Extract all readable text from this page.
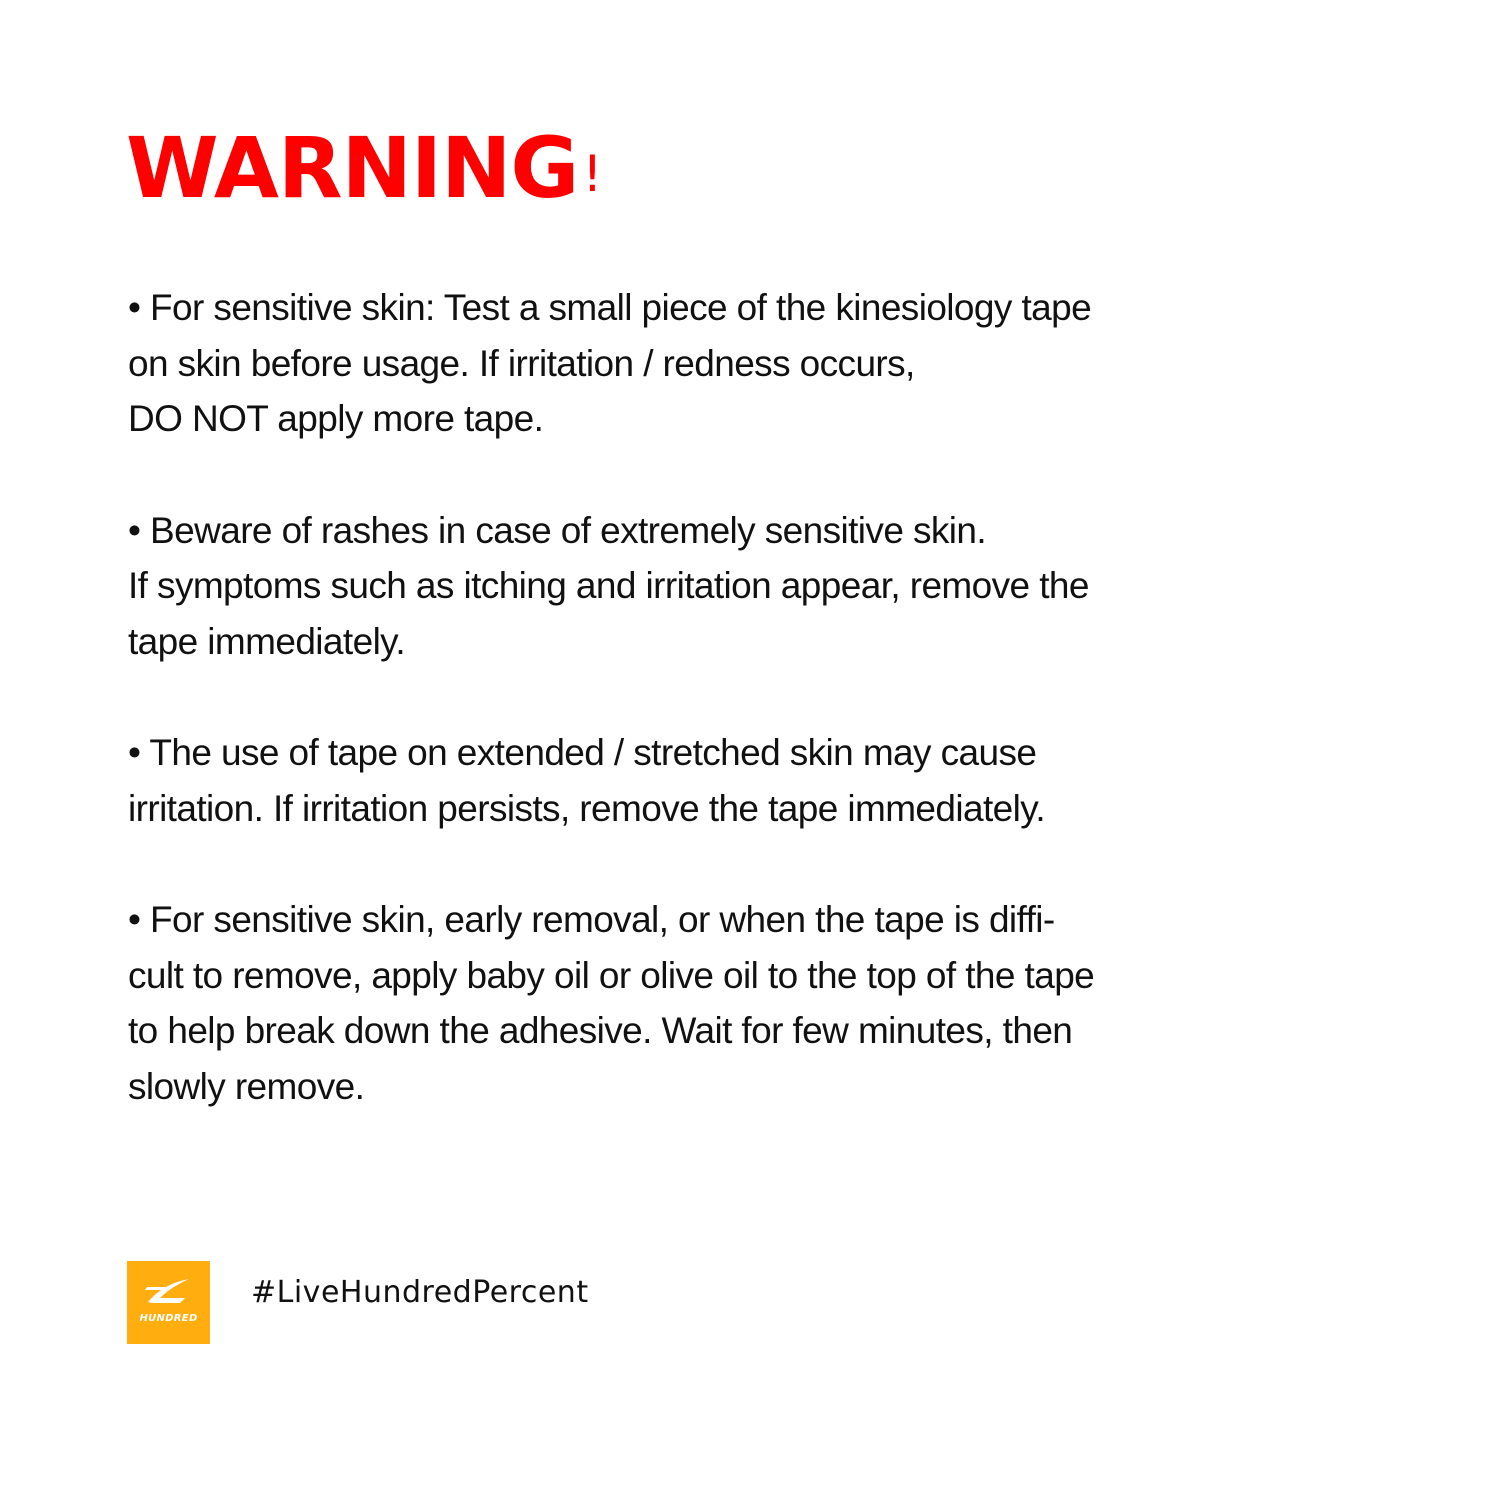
WARNING!
• For sensitive skin: Test a small piece of the kinesiology tape
on skin before usage. If irritation / redness occurs,
DO NOT apply more tape.
• Beware of rashes in case of extremely sensitive skin.
If symptoms such as itching and irritation appear, remove the
tape immediately.
• The use of tape on extended / stretched skin may cause
irritation. If irritation persists, remove the tape immediately.
• For sensitive skin, early removal, or when the tape is diffi-
cult to remove, apply baby oil or olive oil to the top of the tape
to help break down the adhesive. Wait for few minutes, then
slowly remove.
HUNDRED

#LiveHundredPercent
